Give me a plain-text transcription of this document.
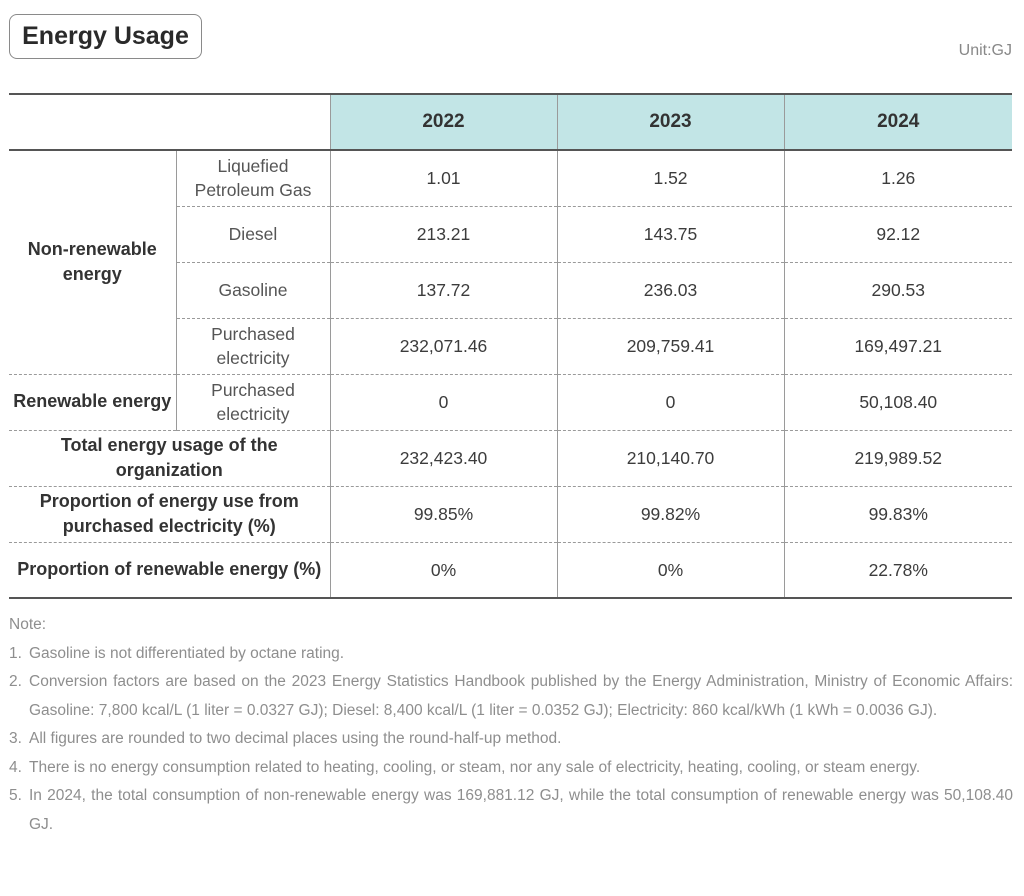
Energy Usage
Unit:GJ
		2022	2023	2024
Non-renewable energy	Liquefied Petroleum Gas	1.01	1.52	1.26
	Diesel	213.21	143.75	92.12
	Gasoline	137.72	236.03	290.53
	Purchased electricity	232,071.46	209,759.41	169,497.21
Renewable energy	Purchased electricity	0	0	50,108.40
Total energy usage of the organization		232,423.40	210,140.70	219,989.52
Proportion of energy use from purchased electricity (%)		99.85%	99.82%	99.83%
Proportion of renewable energy (%)		0%	0%	22.78%
Note:
1. Gasoline is not differentiated by octane rating.
2. Conversion factors are based on the 2023 Energy Statistics Handbook published by the Energy Administration, Ministry of Economic Affairs: Gasoline: 7,800 kcal/L (1 liter = 0.0327 GJ); Diesel: 8,400 kcal/L (1 liter = 0.0352 GJ); Electricity: 860 kcal/kWh (1 kWh = 0.0036 GJ).
3. All figures are rounded to two decimal places using the round-half-up method.
4. There is no energy consumption related to heating, cooling, or steam, nor any sale of electricity, heating, cooling, or steam energy.
5. In 2024, the total consumption of non-renewable energy was 169,881.12 GJ, while the total consumption of renewable energy was 50,108.40 GJ.
